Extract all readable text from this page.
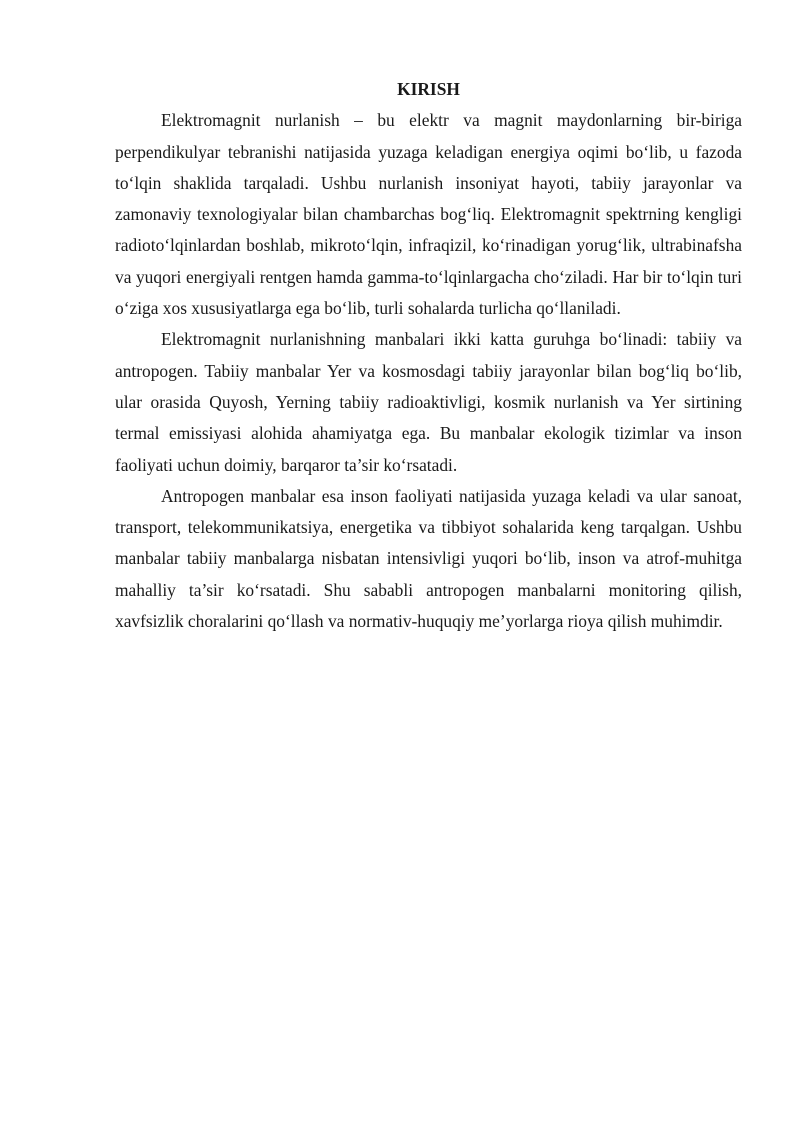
KIRISH

Elektromagnit nurlanish – bu elektr va magnit maydonlarning bir-biriga perpendikulyar tebranishi natijasida yuzaga keladigan energiya oqimi bo‘lib, u fazoda to‘lqin shaklida tarqaladi. Ushbu nurlanish insoniyat hayoti, tabiiy jarayonlar va zamonaviy texnologiyalar bilan chambarchas bog‘liq. Elektromagnit spektrning kengligi radioto‘lqinlardan boshlab, mikroto‘lqin, infraqizil, ko‘rinadigan yorug‘lik, ultrabinafsha va yuqori energiyali rentgen hamda gamma-to‘lqinlargacha cho‘ziladi. Har bir to‘lqin turi o‘ziga xos xususiyatlarga ega bo‘lib, turli sohalarda turlicha qo‘llaniladi.

Elektromagnit nurlanishning manbalari ikki katta guruhga bo‘linadi: tabiiy va antropogen. Tabiiy manbalar Yer va kosmosdagi tabiiy jarayonlar bilan bog‘liq bo‘lib, ular orasida Quyosh, Yerning tabiiy radioaktivligi, kosmik nurlanish va Yer sirtining termal emissiyasi alohida ahamiyatga ega. Bu manbalar ekologik tizimlar va inson faoliyati uchun doimiy, barqaror ta’sir ko‘rsatadi.

Antropogen manbalar esa inson faoliyati natijasida yuzaga keladi va ular sanoat, transport, telekommunikatsiya, energetika va tibbiyot sohalarida keng tarqalgan. Ushbu manbalar tabiiy manbalarga nisbatan intensivligi yuqori bo‘lib, inson va atrof-muhitga mahalliy ta’sir ko‘rsatadi. Shu sababli antropogen manbalarni monitoring qilish, xavfsizlik choralarini qo‘llash va normativ-huquqiy me’yorlarga rioya qilish muhimdir.
